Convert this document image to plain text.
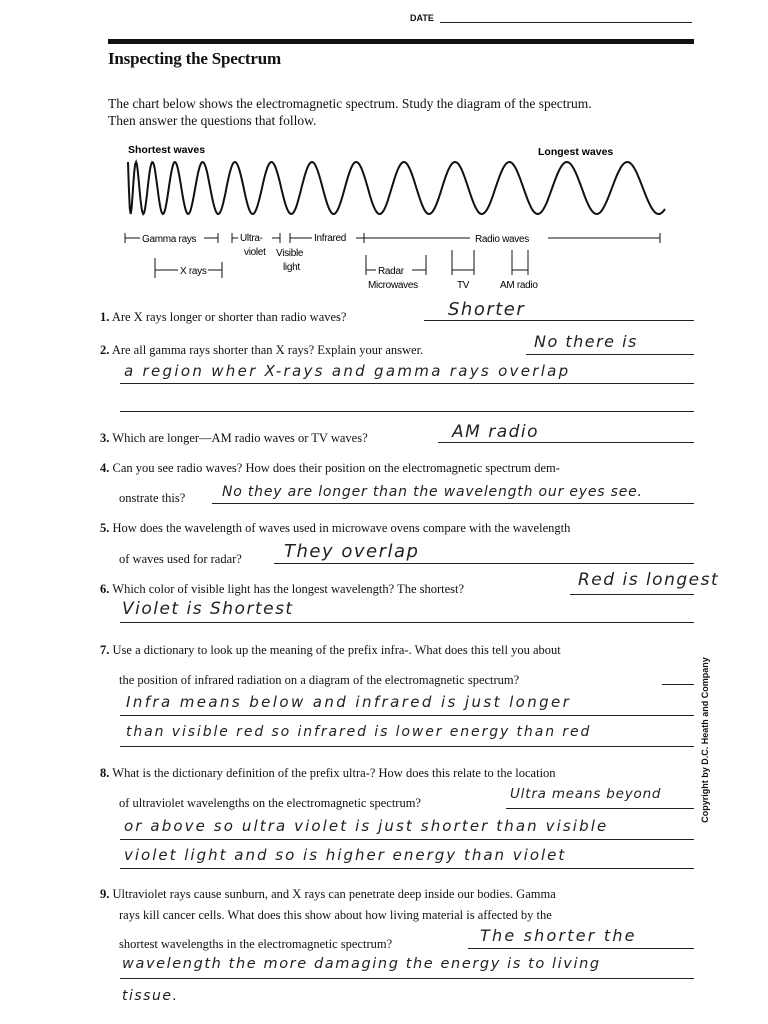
DATE
Inspecting the Spectrum
The chart below shows the electromagnetic spectrum. Study the diagram of the spectrum.
Then answer the questions that follow.
Shortest waves	Longest waves
Gamma rays	Ultra-
violet Visible
light
Infrared	Radio waves
X rays	Radar
Microwaves	TV	AM radio
1. Are X rays longer or shorter than radio waves?	Shorter
2. Are all gamma rays shorter than X rays? Explain your answer.	No there is
a region wher X-rays and gamma rays overlap
3. Which are longer—AM radio waves or TV waves?	AM radio
4. Can you see radio waves? How does their position on the electromagnetic spectrum dem-
onstrate this?	No they are longer than the wavelength our eyes see.
5. How does the wavelength of waves used in microwave ovens compare with the wavelength
of waves used for radar?	They overlap
6. Which color of visible light has the longest wavelength? The shortest?	Red is longest
Violet is Shortest
7. Use a dictionary to look up the meaning of the prefix infra-. What does this tell you about
the position of infrared radiation on a diagram of the electromagnetic spectrum?
Infra means below and infrared is just longer
than visible red so infrared is lower energy than red
8. What is the dictionary definition of the prefix ultra-? How does this relate to the location
of ultraviolet wavelengths on the electromagnetic spectrum?
Ultra means beyond
or above so ultra violet is just shorter than visible
violet light and so is higher energy than violet
9. Ultraviolet rays cause sunburn, and X rays can penetrate deep inside our bodies. Gamma
rays kill cancer cells. What does this show about how living material is affected by the
shortest wavelengths in the electromagnetic spectrum?	The shorter the
wavelength the more damaging the energy is to living
tissue.
Copyright by D.C. Heath and Company
